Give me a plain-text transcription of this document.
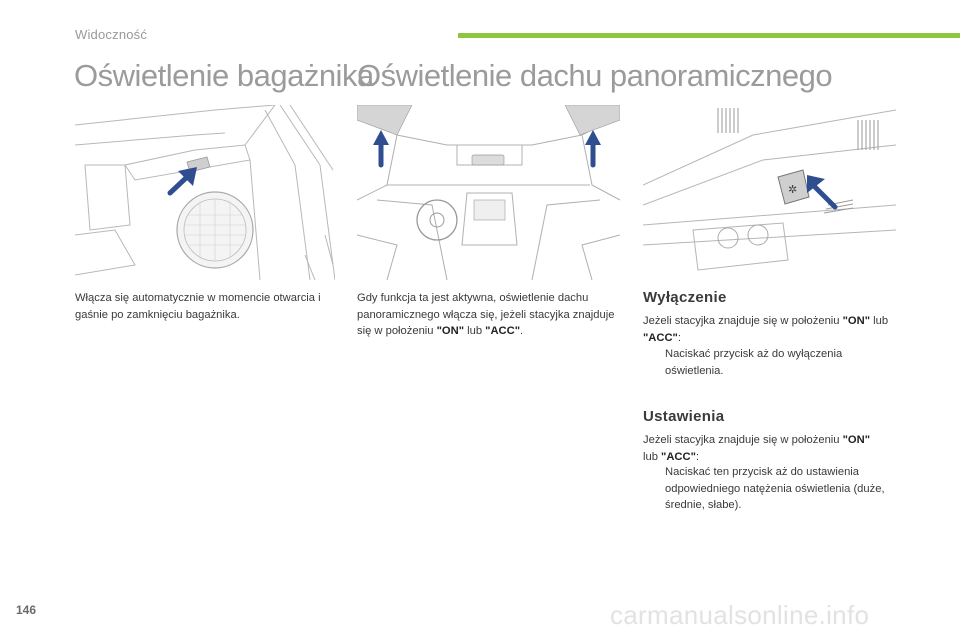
Widoczność
Oświetlenie bagażnika
Oświetlenie dachu panoramicznego
✲

Włącza się automatycznie w momencie otwarcia i gaśnie po zamknięciu bagażnika.

Gdy funkcja ta jest aktywna, oświetlenie dachu panoramicznego włącza się, jeżeli stacyjka znajduje się w położeniu "ON" lub "ACC".

Wyłączenie

Jeżeli stacyjka znajduje się w położeniu "ON" lub "ACC":

Naciskać przycisk aż do wyłączenia oświetlenia.

Ustawienia

Jeżeli stacyjka znajduje się w położeniu "ON"
lub "ACC":

Naciskać ten przycisk aż do ustawienia odpowiedniego natężenia oświetlenia (duże, średnie, słabe).

146	carmanualsonline.info
